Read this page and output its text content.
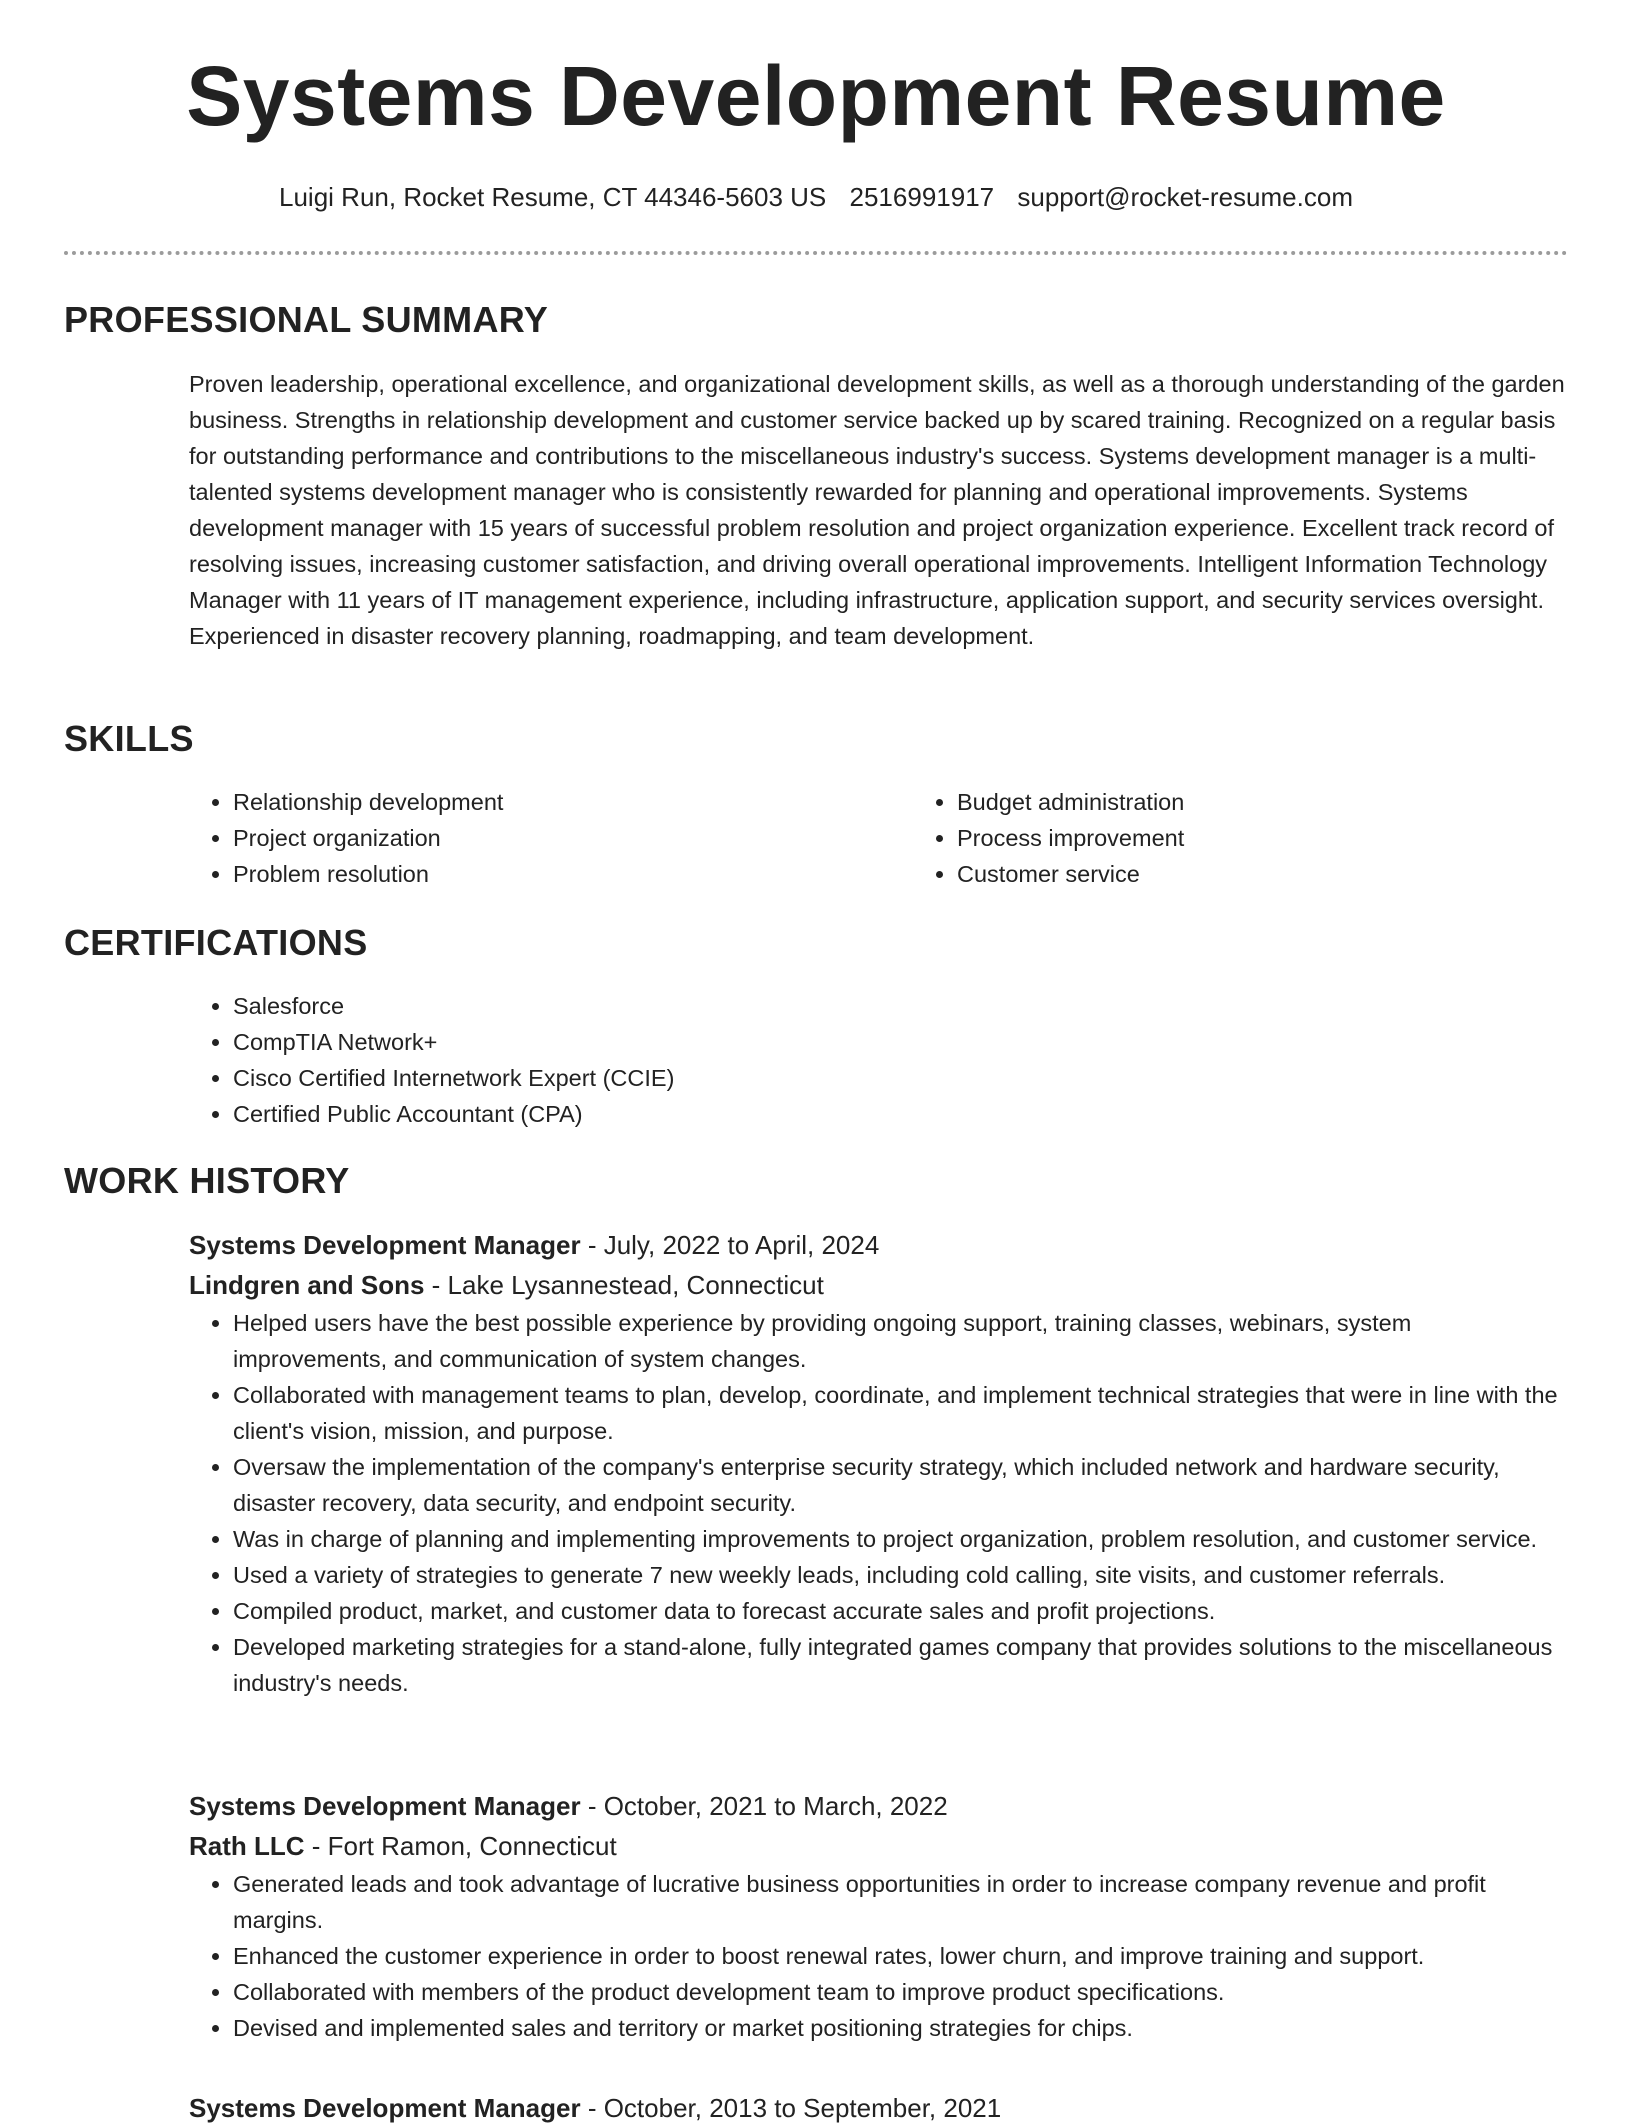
Systems Development Resume
Luigi Run, Rocket Resume, CT 44346-5603 US 2516991917 support@rocket-resume.com
PROFESSIONAL SUMMARY
Proven leadership, operational excellence, and organizational development skills, as well as a thorough understanding of the garden business. Strengths in relationship development and customer service backed up by scared training. Recognized on a regular basis for outstanding performance and contributions to the miscellaneous industry's success. Systems development manager is a multi-talented systems development manager who is consistently rewarded for planning and operational improvements. Systems development manager with 15 years of successful problem resolution and project organization experience. Excellent track record of resolving issues, increasing customer satisfaction, and driving overall operational improvements. Intelligent Information Technology Manager with 11 years of IT management experience, including infrastructure, application support, and security services oversight. Experienced in disaster recovery planning, roadmapping, and team development.
SKILLS
• Relationship development
• Project organization
• Problem resolution
• Budget administration
• Process improvement
• Customer service
CERTIFICATIONS
• Salesforce
• CompTIA Network+
• Cisco Certified Internetwork Expert (CCIE)
• Certified Public Accountant (CPA)
WORK HISTORY
Systems Development Manager - July, 2022 to April, 2024
Lindgren and Sons - Lake Lysannestead, Connecticut
• Helped users have the best possible experience by providing ongoing support, training classes, webinars, system improvements, and communication of system changes.
• Collaborated with management teams to plan, develop, coordinate, and implement technical strategies that were in line with the client's vision, mission, and purpose.
• Oversaw the implementation of the company's enterprise security strategy, which included network and hardware security, disaster recovery, data security, and endpoint security.
• Was in charge of planning and implementing improvements to project organization, problem resolution, and customer service.
• Used a variety of strategies to generate 7 new weekly leads, including cold calling, site visits, and customer referrals.
• Compiled product, market, and customer data to forecast accurate sales and profit projections.
• Developed marketing strategies for a stand-alone, fully integrated games company that provides solutions to the miscellaneous industry's needs.
Systems Development Manager - October, 2021 to March, 2022
Rath LLC - Fort Ramon, Connecticut
• Generated leads and took advantage of lucrative business opportunities in order to increase company revenue and profit margins.
• Enhanced the customer experience in order to boost renewal rates, lower churn, and improve training and support.
• Collaborated with members of the product development team to improve product specifications.
• Devised and implemented sales and territory or market positioning strategies for chips.
Systems Development Manager - October, 2013 to September, 2021
